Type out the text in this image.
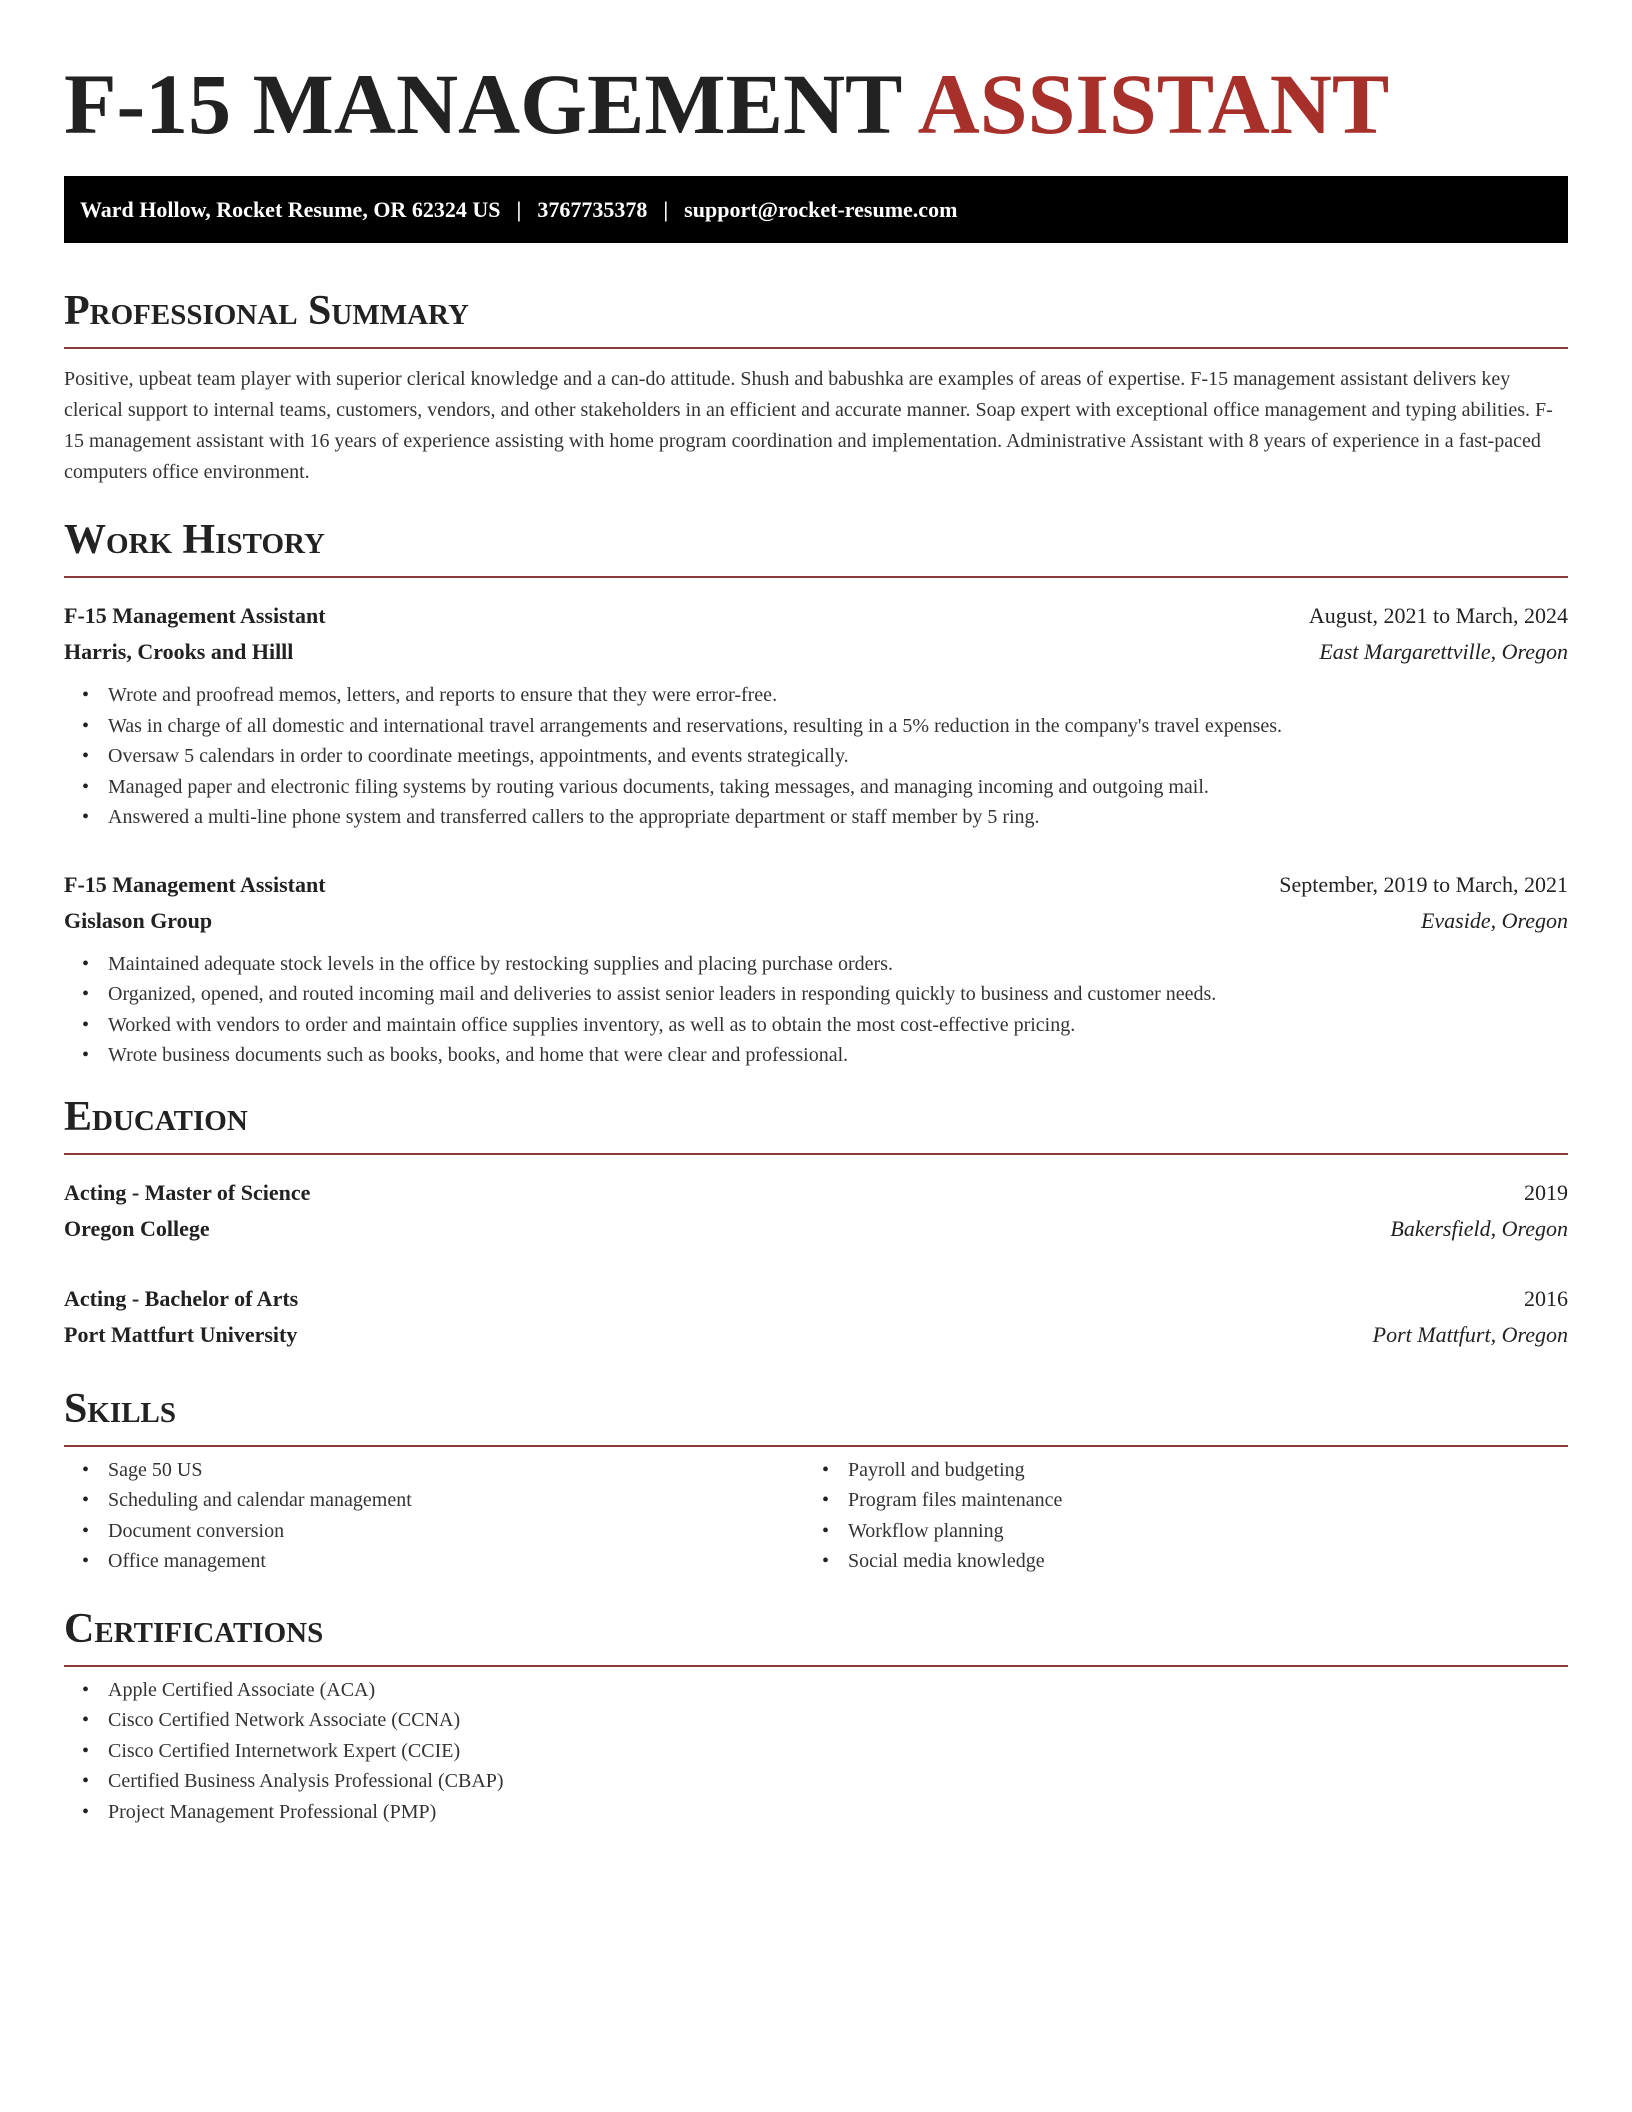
F-15 MANAGEMENT ASSISTANT
Ward Hollow, Rocket Resume, OR 62324 US | 3767735378 | support@rocket-resume.com
Professional Summary

Positive, upbeat team player with superior clerical knowledge and a can-do attitude. Shush and babushka are examples of areas of expertise. F-15 management assistant delivers key clerical support to internal teams, customers, vendors, and other stakeholders in an efficient and accurate manner. Soap expert with exceptional office management and typing abilities. F-15 management assistant with 16 years of experience assisting with home program coordination and implementation. Administrative Assistant with 8 years of experience in a fast-paced computers office environment.

Work History
F-15 Management Assistant	August, 2021 to March, 2024
Harris, Crooks and Hilll	East Margarettville, Oregon
• Wrote and proofread memos, letters, and reports to ensure that they were error-free.
• Was in charge of all domestic and international travel arrangements and reservations, resulting in a 5% reduction in the company's travel expenses.
• Oversaw 5 calendars in order to coordinate meetings, appointments, and events strategically.
• Managed paper and electronic filing systems by routing various documents, taking messages, and managing incoming and outgoing mail.
• Answered a multi-line phone system and transferred callers to the appropriate department or staff member by 5 ring.
F-15 Management Assistant	September, 2019 to March, 2021
Gislason Group	Evaside, Oregon
• Maintained adequate stock levels in the office by restocking supplies and placing purchase orders.
• Organized, opened, and routed incoming mail and deliveries to assist senior leaders in responding quickly to business and customer needs.
• Worked with vendors to order and maintain office supplies inventory, as well as to obtain the most cost-effective pricing.
• Wrote business documents such as books, books, and home that were clear and professional.
Education
Acting - Master of Science	2019
Oregon College	Bakersfield, Oregon
Acting - Bachelor of Arts	2016
Port Mattfurt University	Port Mattfurt, Oregon
Skills
• Sage 50 US
• Scheduling and calendar management
• Document conversion
• Office management
• Payroll and budgeting
• Program files maintenance
• Workflow planning
• Social media knowledge
Certifications
• Apple Certified Associate (ACA)
• Cisco Certified Network Associate (CCNA)
• Cisco Certified Internetwork Expert (CCIE)
• Certified Business Analysis Professional (CBAP)
• Project Management Professional (PMP)
